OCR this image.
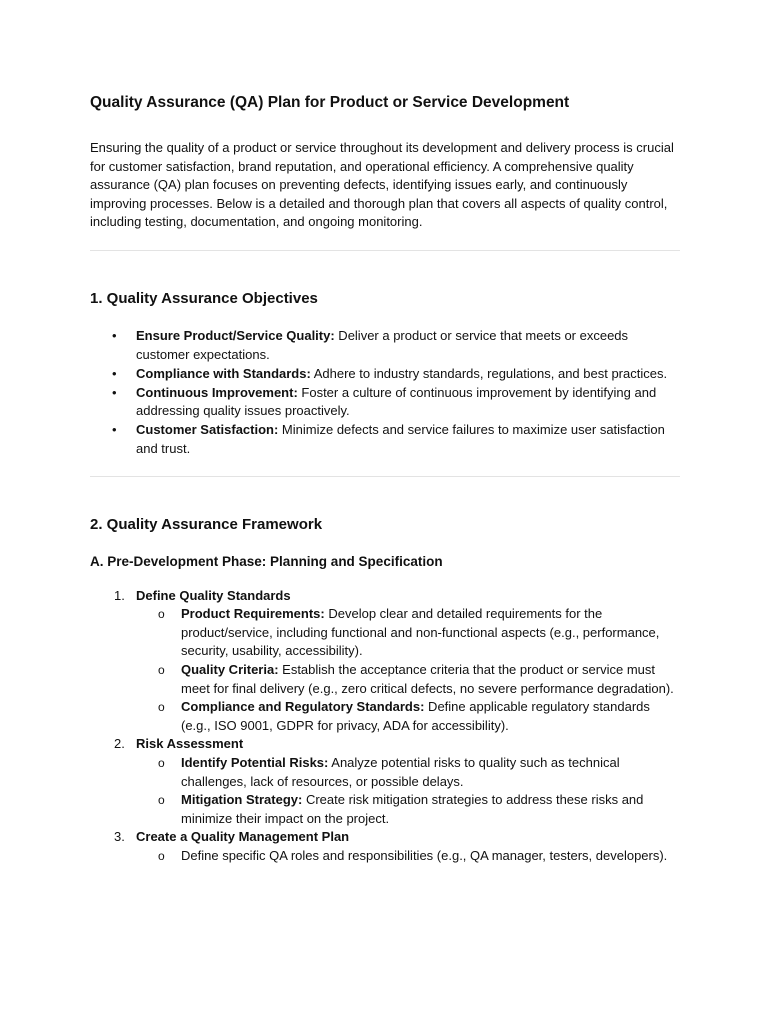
Quality Assurance (QA) Plan for Product or Service Development

Ensuring the quality of a product or service throughout its development and delivery process is crucial for customer satisfaction, brand reputation, and operational efficiency. A comprehensive quality assurance (QA) plan focuses on preventing defects, identifying issues early, and continuously improving processes. Below is a detailed and thorough plan that covers all aspects of quality control, including testing, documentation, and ongoing monitoring.

1. Quality Assurance Objectives
• Ensure Product/Service Quality: Deliver a product or service that meets or exceeds customer expectations.
• Compliance with Standards: Adhere to industry standards, regulations, and best practices.
• Continuous Improvement: Foster a culture of continuous improvement by identifying and addressing quality issues proactively.
• Customer Satisfaction: Minimize defects and service failures to maximize user satisfaction and trust.
2. Quality Assurance Framework
A. Pre-Development Phase: Planning and Specification
1. Define Quality Standards
o Product Requirements: Develop clear and detailed requirements for the product/service, including functional and non-functional aspects (e.g., performance, security, usability, accessibility).
o Quality Criteria: Establish the acceptance criteria that the product or service must meet for final delivery (e.g., zero critical defects, no severe performance degradation).
o Compliance and Regulatory Standards: Define applicable regulatory standards (e.g., ISO 9001, GDPR for privacy, ADA for accessibility).
2. Risk Assessment
o Identify Potential Risks: Analyze potential risks to quality such as technical challenges, lack of resources, or possible delays.
o Mitigation Strategy: Create risk mitigation strategies to address these risks and minimize their impact on the project.
3. Create a Quality Management Plan
o Define specific QA roles and responsibilities (e.g., QA manager, testers, developers).
